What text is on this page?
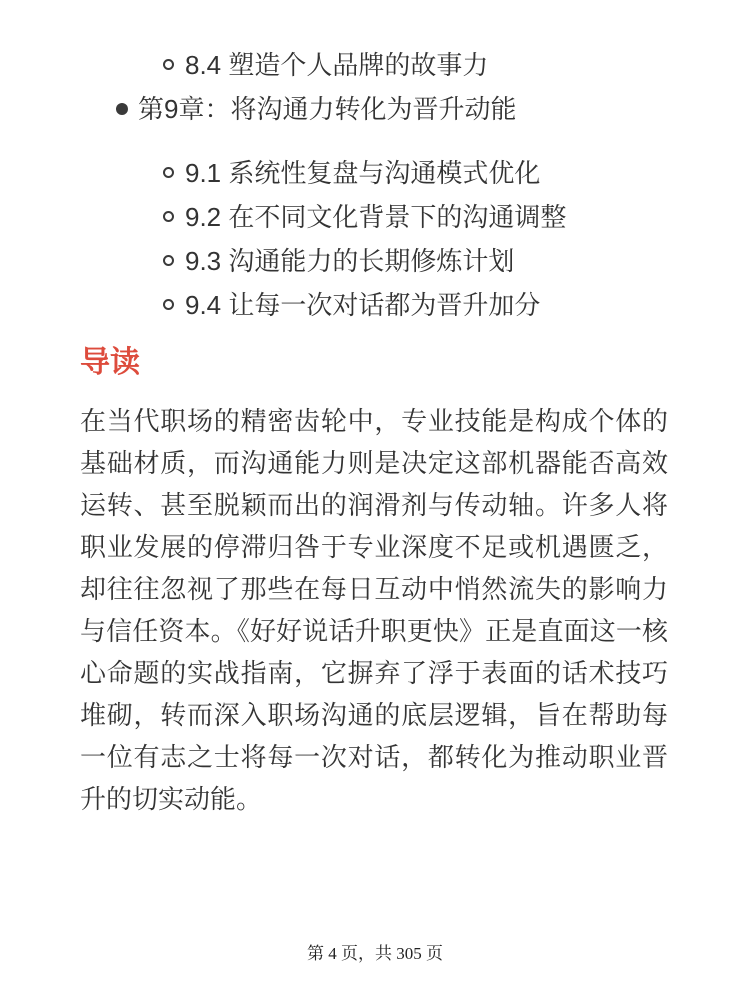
8.4 塑造个人品牌的故事力
第9章：将沟通力转化为晋升动能
9.1 系统性复盘与沟通模式优化
9.2 在不同文化背景下的沟通调整
9.3 沟通能力的长期修炼计划
9.4 让每一次对话都为晋升加分
导读

在当代职场的精密齿轮中，专业技能是构成个体的基础材质，而沟通能力则是决定这部机器能否高效运转、甚至脱颖而出的润滑剂与传动轴。许多人将职业发展的停滞归咎于专业深度不足或机遇匮乏，却往往忽视了那些在每日互动中悄然流失的影响力与信任资本。《好好说话升职更快》正是直面这一核心命题的实战指南，它摒弃了浮于表面的话术技巧堆砌，转而深入职场沟通的底层逻辑，旨在帮助每一位有志之士将每一次对话，都转化为推动职业晋升的切实动能。

第 4 页，共 305 页
